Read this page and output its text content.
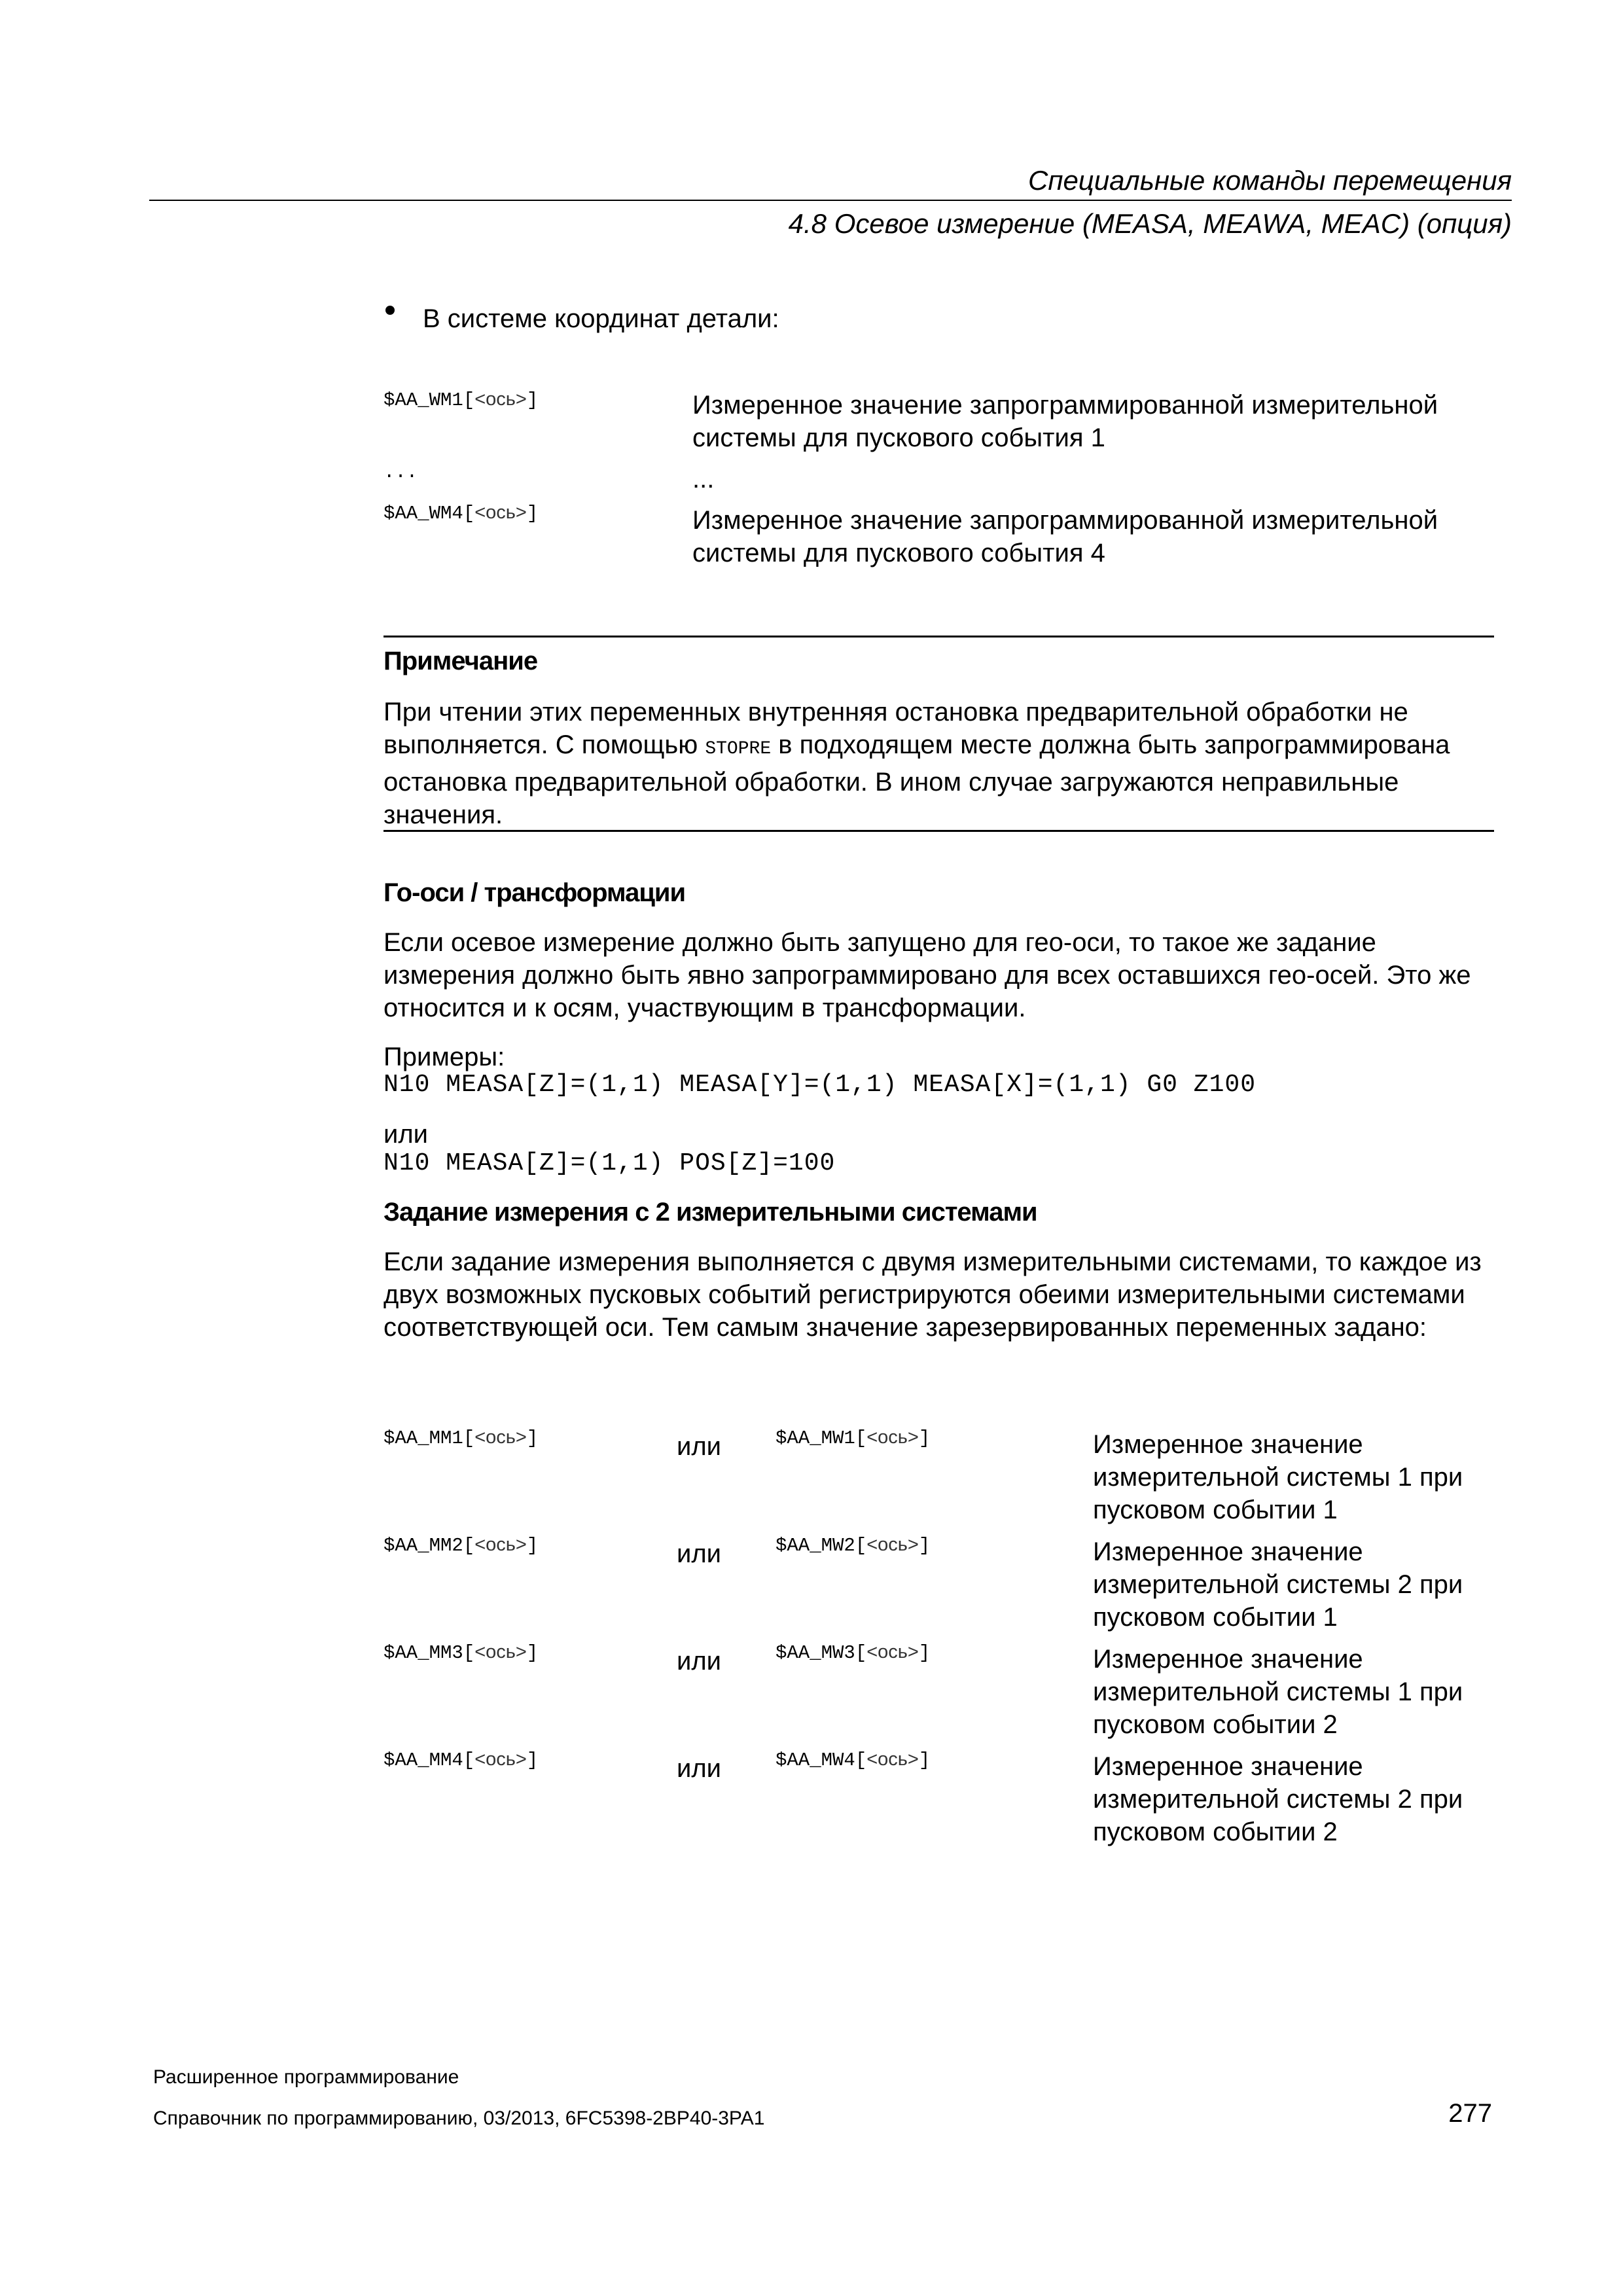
Специальные команды перемещения
4.8 Осевое измерение (MEASA, MEAWA, MEAC) (опция)
В системе координат детали:
$AA_WM1[<ось>]	Измеренное значение запрограммированной измерительной системы для пускового события 1
...	...
$AA_WM4[<ось>]	Измеренное значение запрограммированной измерительной системы для пускового события 4
Примечание
При чтении этих переменных внутренняя остановка предварительной обработки не выполняется. С помощью STOPRE в подходящем месте должна быть запрограммирована остановка предварительной обработки. В ином случае загружаются неправильные значения.
Го-оси / трансформации
Если осевое измерение должно быть запущено для гео-оси, то такое же задание измерения должно быть явно запрограммировано для всех оставшихся гео-осей. Это же относится и к осям, участвующим в трансформации.
Примеры:
N10 MEASA[Z]=(1,1) MEASA[Y]=(1,1) MEASA[X]=(1,1) G0 Z100
или
N10 MEASA[Z]=(1,1) POS[Z]=100
Задание измерения с 2 измерительными системами
Если задание измерения выполняется с двумя измерительными системами, то каждое из двух возможных пусковых событий регистрируются обеими измерительными системами соответствующей оси. Тем самым значение зарезервированных переменных задано:
$AA_MM1[<ось>]	или	$AA_MW1[<ось>]	Измеренное значение измерительной системы 1 при пусковом событии 1
$AA_MM2[<ось>]	или	$AA_MW2[<ось>]	Измеренное значение измерительной системы 2 при пусковом событии 1
$AA_MM3[<ось>]	или	$AA_MW3[<ось>]	Измеренное значение измерительной системы 1 при пусковом событии 2
$AA_MM4[<ось>]	или	$AA_MW4[<ось>]	Измеренное значение измерительной системы 2 при пусковом событии 2
Расширенное программирование
Справочник по программированию, 03/2013, 6FC5398-2BP40-3PA1	277
